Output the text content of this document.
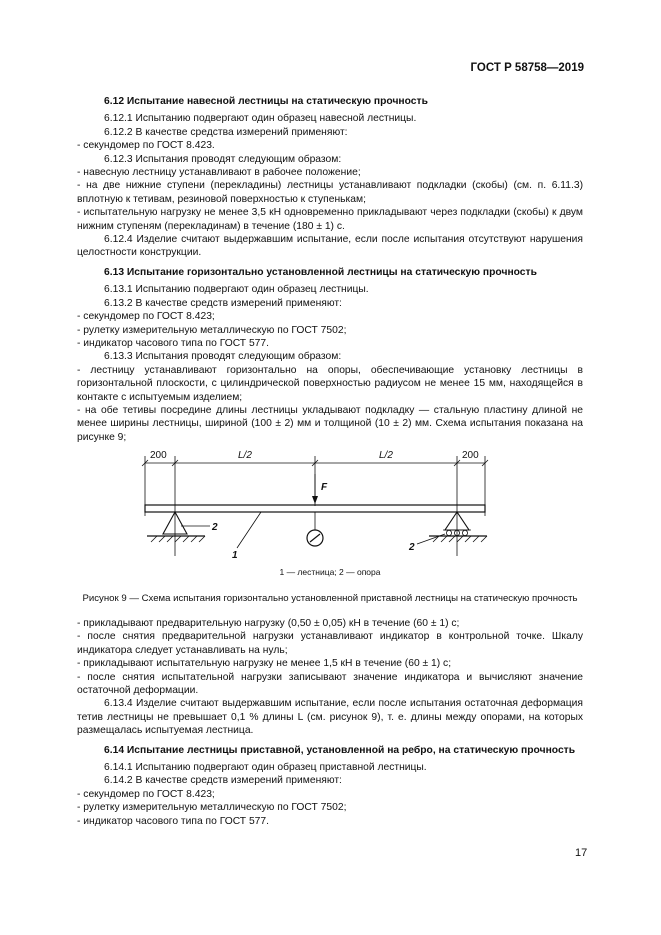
ГОСТ Р 58758—2019

6.12 Испытание навесной лестницы на статическую прочность

6.12.1 Испытанию подвергают один образец навесной лестницы.

6.12.2 В качестве средства измерений применяют:

- секундомер по ГОСТ 8.423.

6.12.3 Испытания проводят следующим образом:

- навесную лестницу устанавливают в рабочее положение;

- на две нижние ступени (перекладины) лестницы устанавливают подкладки (скобы) (см. п. 6.11.3) вплотную к тетивам, резиновой поверхностью к ступенькам;

- испытательную нагрузку не менее 3,5 кН одновременно прикладывают через подкладки (скобы) к двум нижним ступеням (перекладинам) в течение (180 ± 1) с.

6.12.4 Изделие считают выдержавшим испытание, если после испытания отсутствуют нарушения целостности конструкции.

6.13 Испытание горизонтально установленной лестницы на статическую прочность

6.13.1 Испытанию подвергают один образец лестницы.

6.13.2 В качестве средств измерений применяют:

- секундомер по ГОСТ 8.423;

- рулетку измерительную металлическую по ГОСТ 7502;

- индикатор часового типа по ГОСТ 577.

6.13.3 Испытания проводят следующим образом:

- лестницу устанавливают горизонтально на опоры, обеспечивающие установку лестницы в горизонтальной плоскости, с цилиндрической поверхностью радиусом не менее 15 мм, находящейся в контакте с испытуемым изделием;

- на обе тетивы посредине длины лестницы укладывают подкладку — стальную пластину длиной не менее ширины лестницы, шириной (100 ± 2) мм и толщиной (10 ± 2) мм. Схема испытания показана на рисунке 9;

200	L/2	L/2	200
F
2
1
2
1 — лестница; 2 — опора

Рисунок 9 — Схема испытания горизонтально установленной приставной лестницы на статическую прочность

- прикладывают предварительную нагрузку (0,50 ± 0,05) кН в течение (60 ± 1) с;

- после снятия предварительной нагрузки устанавливают индикатор в контрольной точке. Шкалу индикатора следует устанавливать на нуль;

- прикладывают испытательную нагрузку не менее 1,5 кН в течение (60 ± 1) с;

- после снятия испытательной нагрузки записывают значение индикатора и вычисляют значение остаточной деформации.

6.13.4 Изделие считают выдержавшим испытание, если после испытания остаточная деформация тетив лестницы не превышает 0,1 % длины L (см. рисунок 9), т. е. длины между опорами, на которых размещалась испытуемая лестница.

6.14 Испытание лестницы приставной, установленной на ребро, на статическую прочность

6.14.1 Испытанию подвергают один образец приставной лестницы.

6.14.2 В качестве средств измерений применяют:

- секундомер по ГОСТ 8.423;

- рулетку измерительную металлическую по ГОСТ 7502;

- индикатор часового типа по ГОСТ 577.

17
